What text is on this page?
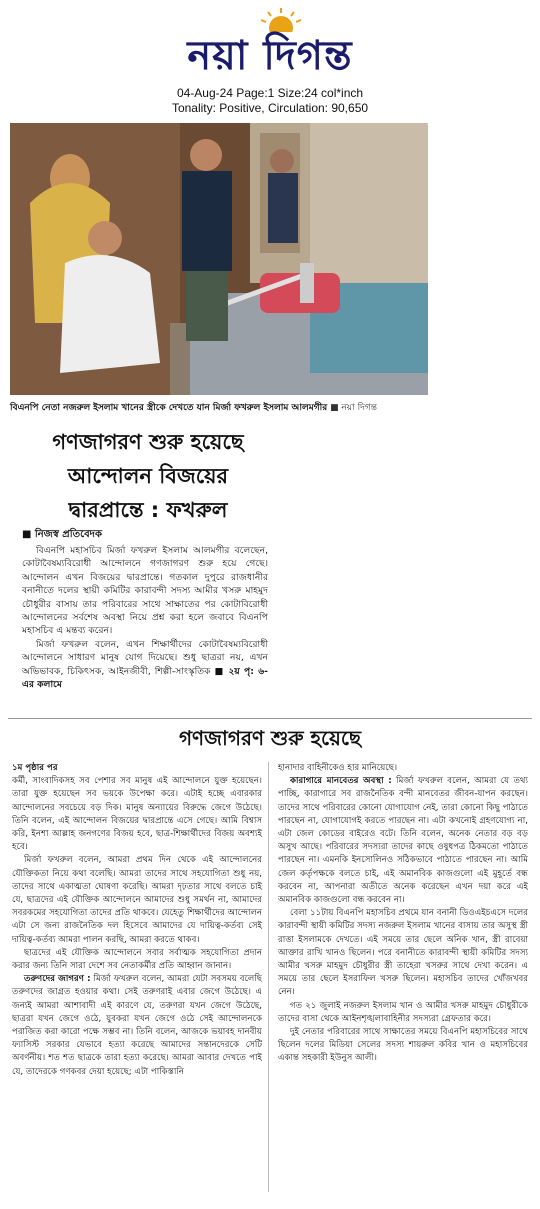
নয়া দিগন্ত
04-Aug-24 Page:1 Size:24 col*inch
Tonality: Positive, Circulation: 90,650
বিএনপি নেতা নজরুল ইসলাম খানের স্ত্রীকে দেখতে যান মির্জা ফখরুল ইসলাম আলমগীর ■ নয়া দিগন্ত
গণজাগরণ শুরু হয়েছে
আন্দোলন বিজয়ের
দ্বারপ্রান্তে : ফখরুল
■ নিজস্ব প্রতিবেদক

বিএনপি মহাসচিব মির্জা ফখরুল ইসলাম আলমগীর বলেছেন, কোটাবৈষম্যবিরোধী আন্দোলনে গণজাগরণ শুরু হয়ে গেছে। আন্দোলন এখন বিজয়ের দ্বারপ্রান্তে। গতকাল দুপুরে রাজধানীর বনানীতে দলের স্থায়ী কমিটির কারাবন্দী সদস্য আমীর খসরু মাহমুদ চৌধুরীর বাসায় তার পরিবারের সাথে সাক্ষাতের পর কোটাবিরোধী আন্দোলনের সর্বশেষ অবস্থা নিয়ে প্রশ্ন করা হলে জবাবে বিএনপি মহাসচিব এ মন্তব্য করেন।

মির্জা ফখরুল বলেন, এখন শিক্ষার্থীদের কোটাবৈষম্যবিরোধী আন্দোলনে সাধারণ মানুষ যোগ দিয়েছে। শুধু ছাত্ররা নয়, এখন অভিভাবক, চিকিৎসক, আইনজীবী, শিল্পী-সাংস্কৃতিক ■ ২য় পৃ: ৬-এর কলামে

গণজাগরণ শুরু হয়েছে
১ম পৃষ্ঠার পর

কর্মী, সাংবাদিকসহ সব পেশার সব মানুষ এই আন্দোলনে যুক্ত হয়েছেন। তারা যুক্ত হয়েছেন সব ভয়কে উপেক্ষা করে। এটাই হচ্ছে এবারকার আন্দোলনের সবচেয়ে বড় দিক। মানুষ অন্যায়ের বিরুদ্ধে জেগে উঠেছে। তিনি বলেন, এই আন্দোলন বিজয়ের দ্বারপ্রান্তে এসে গেছে। আমি বিশ্বাস করি, ইনশা আল্লাহ জনগণের বিজয় হবে, ছাত্র-শিক্ষার্থীদের বিজয় অবশ্যই হবে।

মির্জা ফখরুল বলেন, আমরা প্রথম দিন থেকে এই আন্দোলনের যৌক্তিকতা নিয়ে কথা বলেছি। আমরা তাদের সাথে সহযোগিতা শুধু নয়, তাদের সাথে একাত্মতা ঘোষণা করেছি। আমরা দৃঢ়তার সাথে বলতে চাই যে, ছাত্রদের এই যৌক্তিক আন্দোলনে আমাদের শুধু সমর্থন না, আমাদের সবরকমের সহযোগিতা তাদের প্রতি থাকবে। যেহেতু শিক্ষার্থীদের আন্দোলন এটা সে জন্য রাজনৈতিক দল হিসেবে আমাদের যে দায়িত্ব-কর্তব্য সেই দায়িত্ব-কর্তব্য আমরা পালন করছি, আমরা করতে থাকব।

ছাত্রদের এই যৌক্তিক আন্দোলনে সবার সর্বাত্মক সহযোগিতা প্রদান করার জন্য তিনি সারা দেশে সব নেতাকর্মীর প্রতি আহ্বান জানান।

তরুণদের জাগরণ : মির্জা ফখরুল বলেন, আমরা যেটা সবসময় বলেছি তরুণদের জাগ্রত হওয়ার কথা। সেই তরুণরাই এবার জেগে উঠেছে। এ জন্যই আমরা আশাবাদী এই কারণে যে, তরুণরা যখন জেগে উঠেছে, ছাত্ররা যখন জেগে ওঠে, যুবকরা যখন জেগে ওঠে সেই আন্দোলনকে পরাজিত করা কারো পক্ষে সম্ভব না। তিনি বলেন, আজকে ভয়াবহ দানবীয় ফ্যাসিস্ট সরকার যেভাবে হত্যা করেছে আমাদের সন্তানদেরকে সেটি অবর্ণনীয়। শত শত ছাত্রকে তারা হত্যা করেছে। আমরা আবার দেখতে পাই যে, তাদেরকে গণকবর দেয়া হয়েছে; এটা পাকিস্তানি

হানাদার বাহিনীকেও হার মানিয়েছে।

কারাগারে মানবেতর অবস্থা : মির্জা ফখরুল বলেন, আমরা যে তথ্য পাচ্ছি, কারাগারে সব রাজনৈতিক বন্দী মানবেতর জীবন-যাপন করছেন। তাদের সাথে পরিবারের কোনো যোগাযোগ নেই, তারা কোনো কিছু পাঠাতে পারছেন না, যোগাযোগই করতে পারছেন না। এটা কখনোই গ্রহণযোগ্য না, এটা জেল কোডের বাইরেও বটে। তিনি বলেন, অনেক নেতার বড় বড় অসুখ আছে। পরিবারের সদস্যরা তাদের কাছে ওষুধপত্র ঠিকমতো পাঠাতে পারছেন না। এমনকি ইনসোলিনও সঠিকভাবে পাঠাতে পারছেন না। আমি জেল কর্তৃপক্ষকে বলতে চাই, এই অমানবিক কাজগুলো এই মুহূর্তে বন্ধ করবেন না, আপনারা অতীতে অনেক করেছেন এখন দয়া করে এই অমানবিক কাজগুলো বন্ধ করবেন না।

বেলা ১১টায় বিএনপি মহাসচিব প্রথমে যান বনানী ডিওএইচএসে দলের কারাবন্দী স্থায়ী কমিটির সদস্য নজরুল ইসলাম খানের বাসায় তার অসুস্থ স্ত্রী রাত্তা ইসলামকে দেখতে। এই সময়ে তার ছেলে অনিক খান, স্ত্রী রাবেয়া আক্তার রাখি খানও ছিলেন। পরে বনানীতে কারাবন্দী স্থায়ী কমিটির সদস্য আমীর খসরু মাহমুদ চৌধুরীর স্ত্রী তাহেরা খসরুর সাথে দেখা করেন। এ সময়ে তার ছেলে ইসরাফিল খসরু ছিলেন। মহাসচিব তাদের খোঁজখবর নেন।

গত ২১ জুলাই নজরুল ইসলাম খান ও আমীর খসরু মাহমুদ চৌধুরীকে তাদের বাসা থেকে আইনশৃঙ্খলাবাহিনীর সদস্যরা গ্রেফতার করে।

দুই নেতার পরিবারের সাথে সাক্ষাতের সময়ে বিএনপি মহাসচিবের সাথে ছিলেন দলের মিডিয়া সেলের সদস্য শায়রুল কবির খান ও মহাসচিবের একান্ত সহকারী ইউনুস আলী।
